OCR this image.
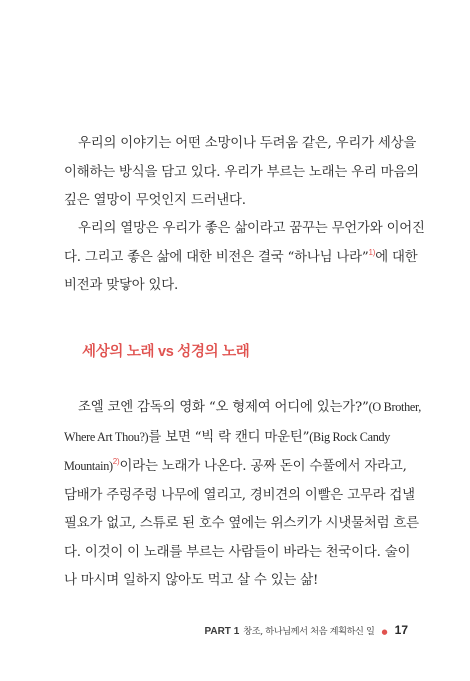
우리의 이야기는 어떤 소망이나 두려움 같은, 우리가 세상을
이해하는 방식을 담고 있다. 우리가 부르는 노래는 우리 마음의
깊은 열망이 무엇인지 드러낸다.

우리의 열망은 우리가 좋은 삶이라고 꿈꾸는 무언가와 이어진
다. 그리고 좋은 삶에 대한 비전은 결국 “하나님 나라”$^{1)}$에 대한
비전과 맞닿아 있다.

세상의 노래 vs 성경의 노래

조엘 코엔 감독의 영화 “오 형제여 어디에 있는가?”(O Brother,
Where Art Thou?)를 보면 “빅 락 캔디 마운틴”(Big Rock Candy
Mountain)$^{2)}$이라는 노래가 나온다. 공짜 돈이 수풀에서 자라고,
담배가 주렁주렁 나무에 열리고, 경비견의 이빨은 고무라 겁낼
필요가 없고, 스튜로 된 호수 옆에는 위스키가 시냇물처럼 흐른
다. 이것이 이 노래를 부르는 사람들이 바라는 천국이다. 술이
나 마시며 일하지 않아도 먹고 살 수 있는 삶!

PART 1 창조, 하나님께서 처음 계획하신 일 ● 17
